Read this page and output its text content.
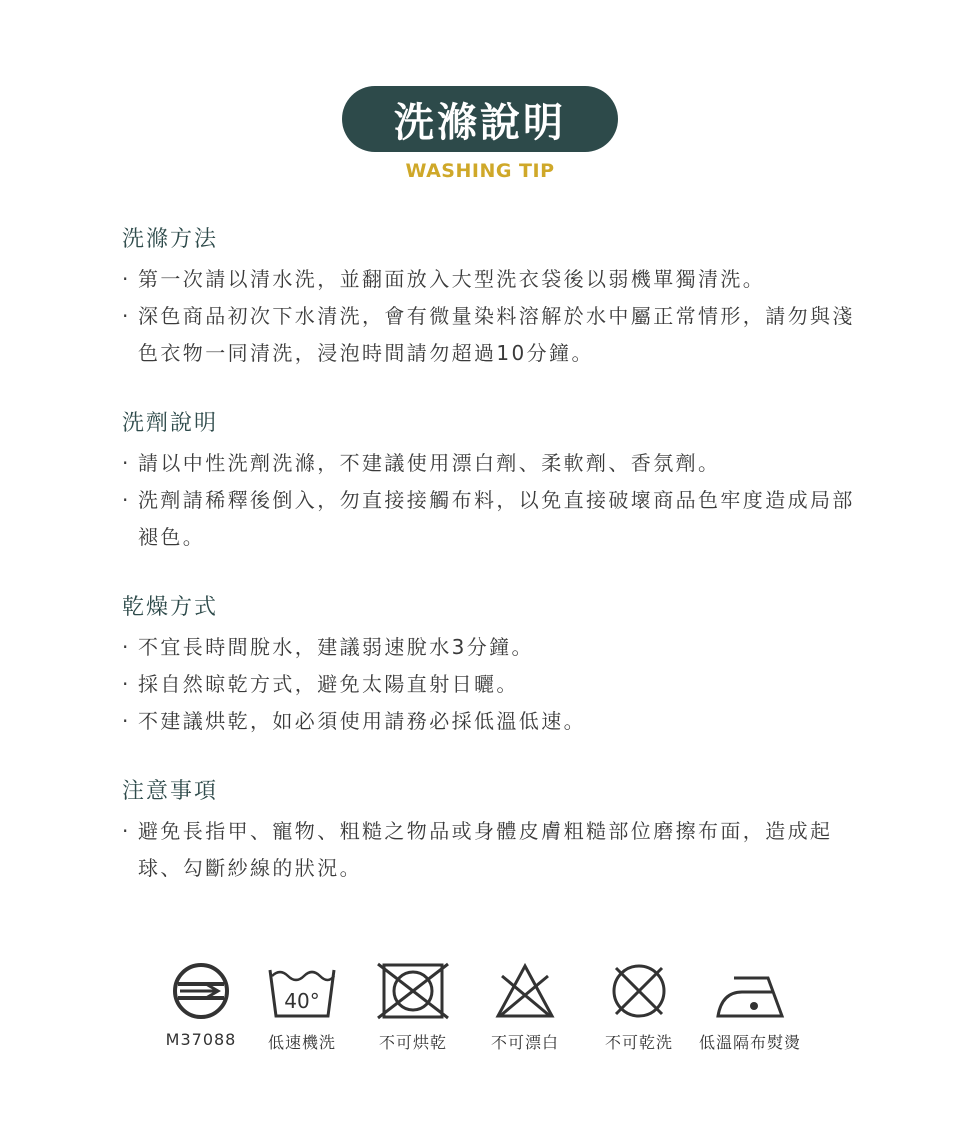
洗滌說明
WASHING TIP
洗滌方法
· 第一次請以清水洗，並翻面放入大型洗衣袋後以弱機單獨清洗。
· 深色商品初次下水清洗，會有微量染料溶解於水中屬正常情形，請勿與淺色衣物一同清洗，浸泡時間請勿超過10分鐘。
洗劑說明
· 請以中性洗劑洗滌，不建議使用漂白劑、柔軟劑、香氛劑。
· 洗劑請稀釋後倒入，勿直接接觸布料，以免直接破壞商品色牢度造成局部褪色。
乾燥方式
· 不宜長時間脫水，建議弱速脫水3分鐘。
· 採自然晾乾方式，避免太陽直射日曬。
· 不建議烘乾，如必須使用請務必採低溫低速。
注意事項
· 避免長指甲、寵物、粗糙之物品或身體皮膚粗糙部位磨擦布面，造成起球、勾斷紗線的狀況。
M37088
40°
低速機洗	不可烘乾	不可漂白	不可乾洗 低溫隔布熨燙
